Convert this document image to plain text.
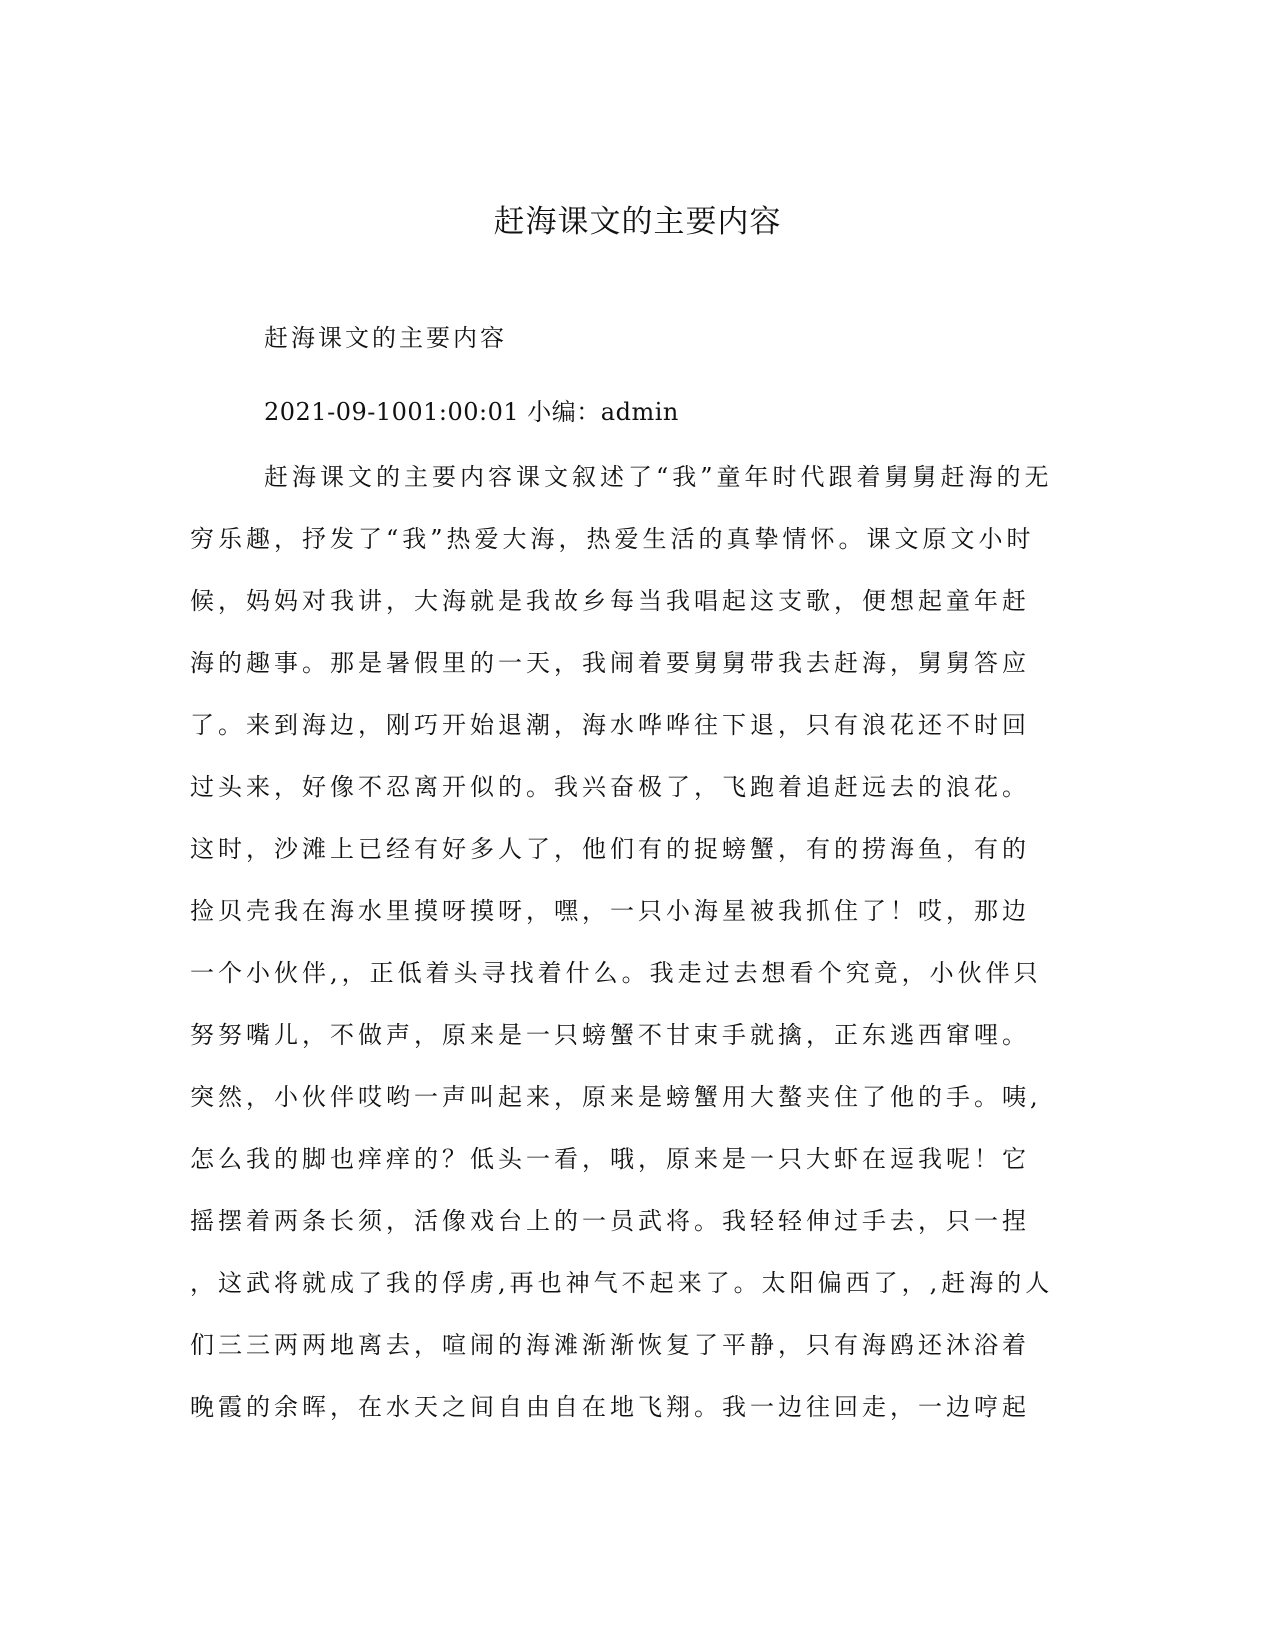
赶海课文的主要内容

赶海课文的主要内容

2021-09-1001:00:01 小编：admin

赶海课文的主要内容课文叙述了“我”童年时代跟着舅舅赶海的无
穷乐趣，抒发了“我”热爱大海，热爱生活的真挚情怀。课文原文小时
候，妈妈对我讲，大海就是我故乡每当我唱起这支歌，便想起童年赶
海的趣事。那是暑假里的一天，我闹着要舅舅带我去赶海，舅舅答应
了。来到海边，刚巧开始退潮，海水哗哗往下退，只有浪花还不时回
过头来，好像不忍离开似的。我兴奋极了，飞跑着追赶远去的浪花。
这时，沙滩上已经有好多人了，他们有的捉螃蟹，有的捞海鱼，有的
捡贝壳我在海水里摸呀摸呀，嘿，一只小海星被我抓住了！哎，那边
一个小伙伴,，正低着头寻找着什么。我走过去想看个究竟，小伙伴只
努努嘴儿，不做声，原来是一只螃蟹不甘束手就擒，正东逃西窜哩。
突然，小伙伴哎哟一声叫起来，原来是螃蟹用大螯夹住了他的手。咦,
怎么我的脚也痒痒的？低头一看，哦，原来是一只大虾在逗我呢！它
摇摆着两条长须，活像戏台上的一员武将。我轻轻伸过手去，只一捏
，这武将就成了我的俘虏,再也神气不起来了。太阳偏西了，,赶海的人
们三三两两地离去，喧闹的海滩渐渐恢复了平静，只有海鸥还沐浴着
晚霞的余晖，在水天之间自由自在地飞翔。我一边往回走，一边哼起
